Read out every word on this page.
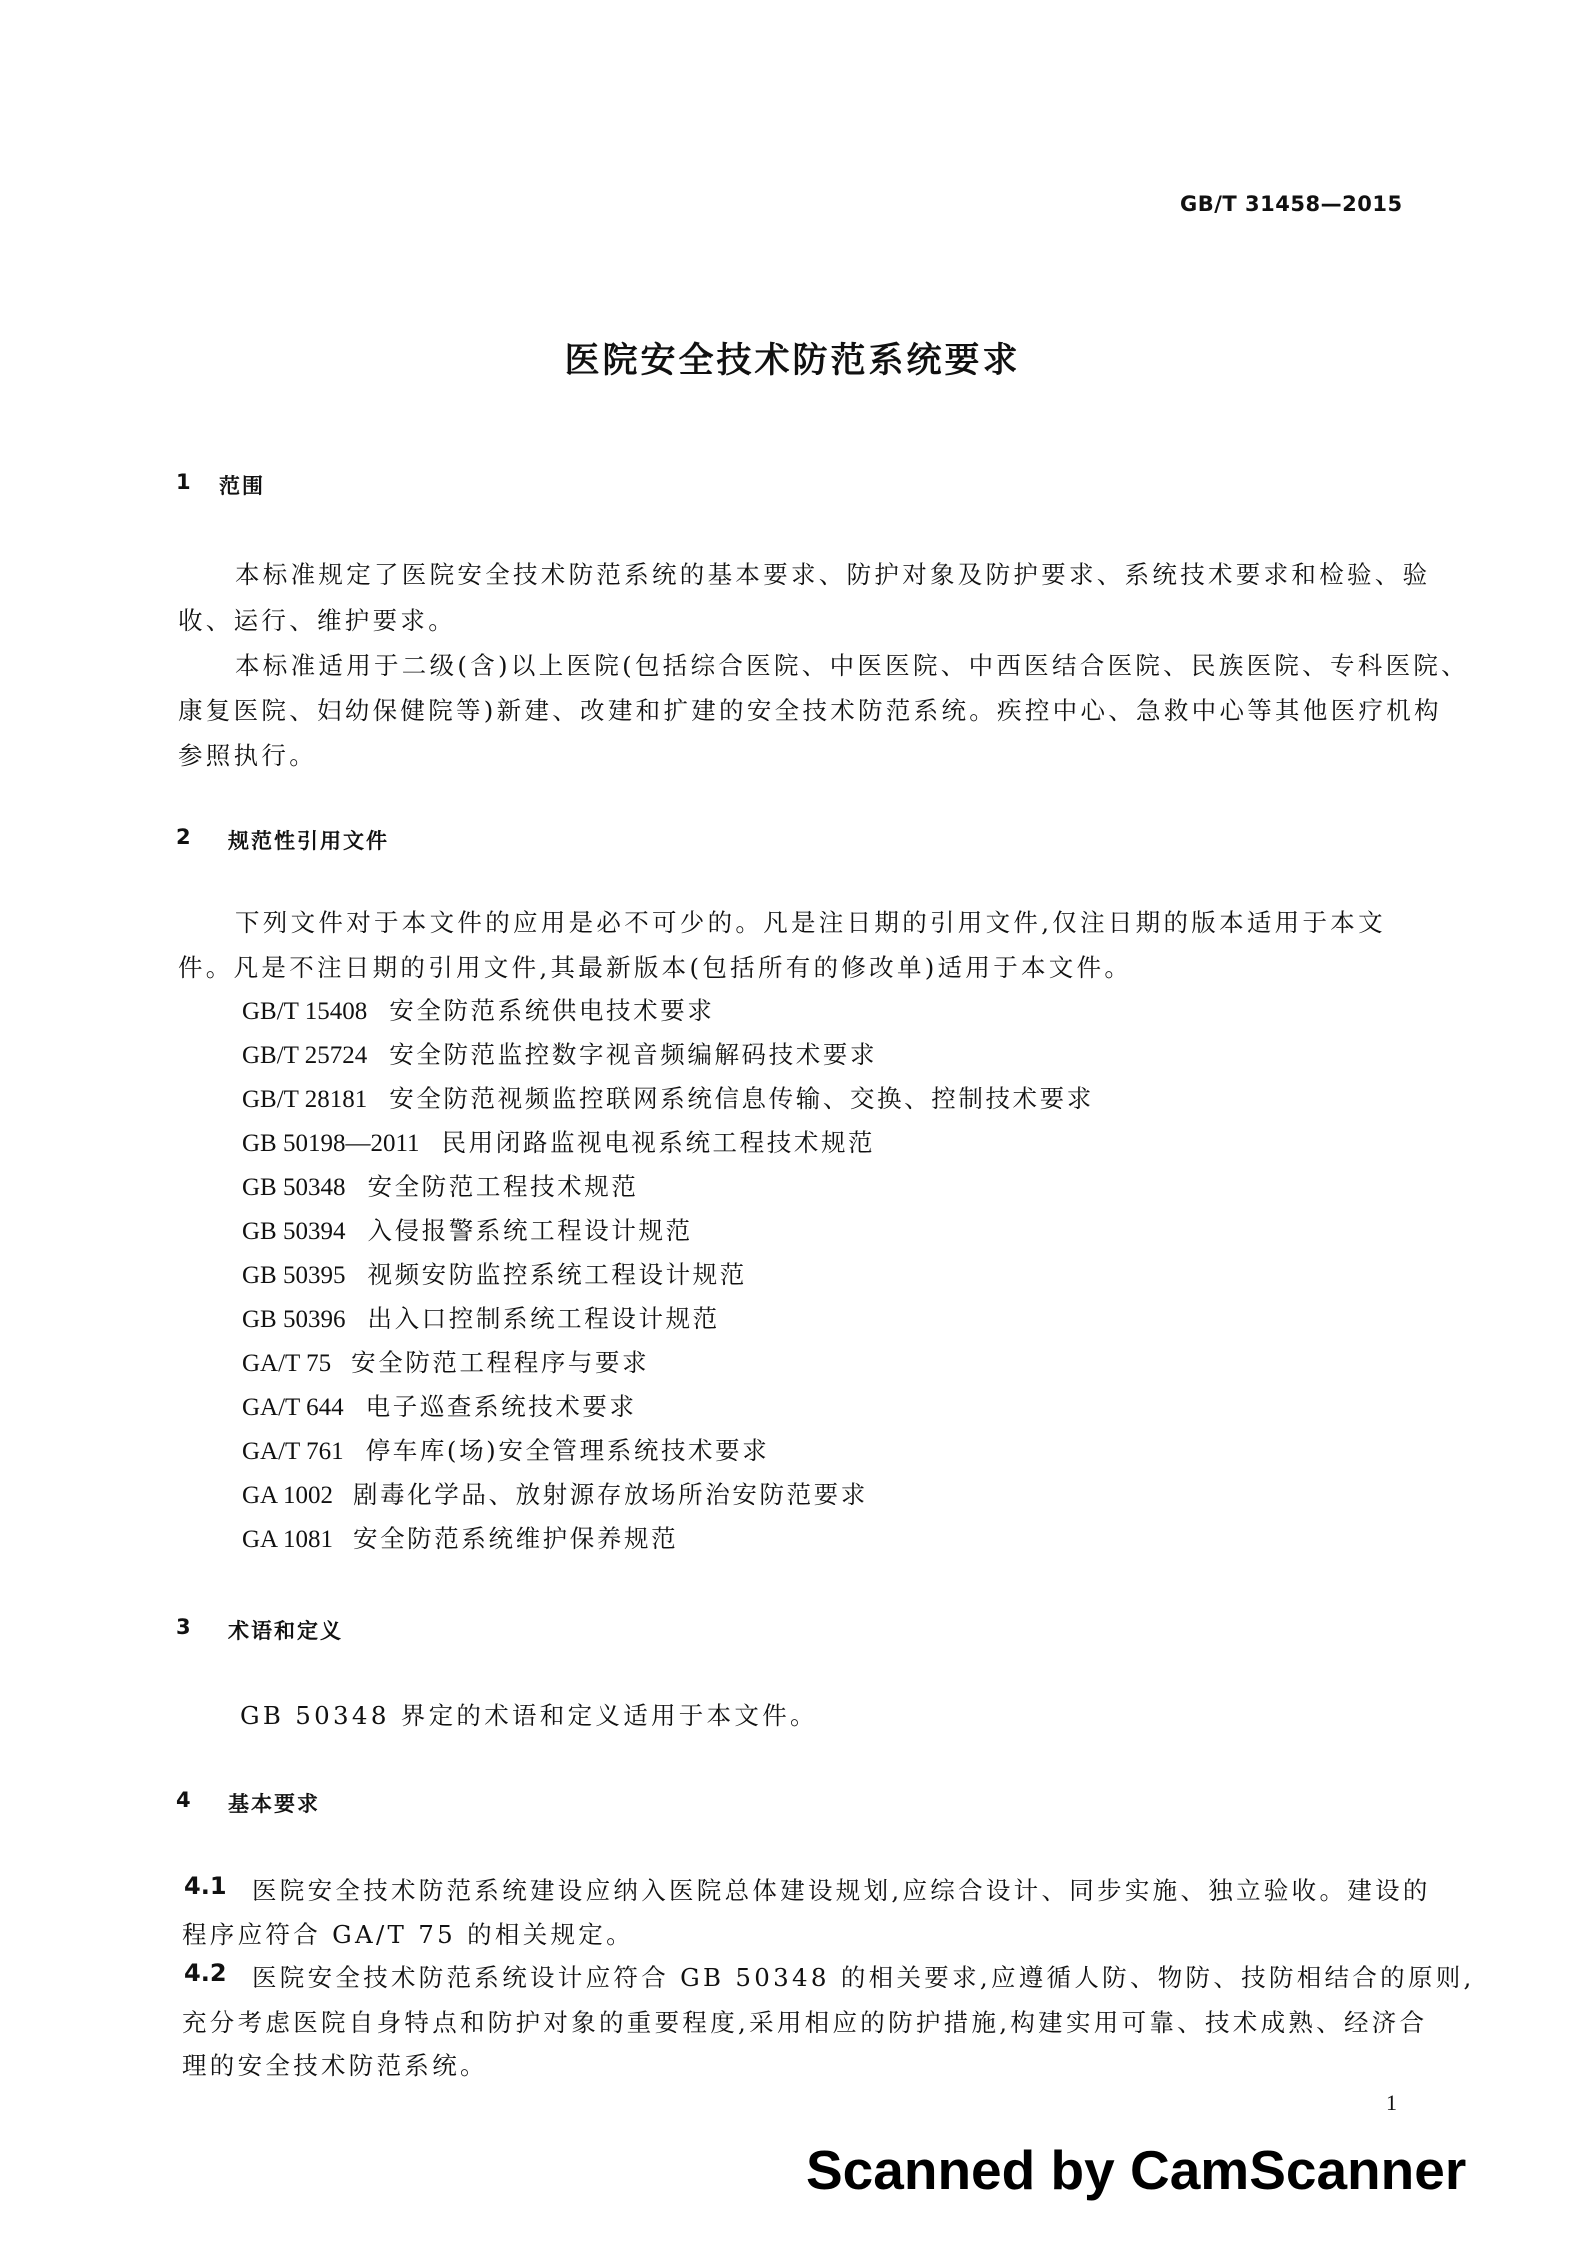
GB/T 31458—2015
医院安全技术防范系统要求
1 范围
本标准规定了医院安全技术防范系统的基本要求、防护对象及防护要求、系统技术要求和检验、验
收、运行、维护要求。
本标准适用于二级(含)以上医院(包括综合医院、中医医院、中西医结合医院、民族医院、专科医院、
康复医院、妇幼保健院等)新建、改建和扩建的安全技术防范系统。疾控中心、急救中心等其他医疗机构
参照执行。
2 规范性引用文件
下列文件对于本文件的应用是必不可少的。凡是注日期的引用文件,仅注日期的版本适用于本文
件。凡是不注日期的引用文件,其最新版本(包括所有的修改单)适用于本文件。
GB/T 15408 安全防范系统供电技术要求
GB/T 25724 安全防范监控数字视音频编解码技术要求
GB/T 28181 安全防范视频监控联网系统信息传输、交换、控制技术要求
GB 50198—2011 民用闭路监视电视系统工程技术规范
GB 50348 安全防范工程技术规范
GB 50394 入侵报警系统工程设计规范
GB 50395 视频安防监控系统工程设计规范
GB 50396 出入口控制系统工程设计规范
GA/T 75 安全防范工程程序与要求
GA/T 644 电子巡查系统技术要求
GA/T 761 停车库(场)安全管理系统技术要求
GA 1002 剧毒化学品、放射源存放场所治安防范要求
GA 1081 安全防范系统维护保养规范
3 术语和定义
GB 50348 界定的术语和定义适用于本文件。
4 基本要求
4.1 医院安全技术防范系统建设应纳入医院总体建设规划,应综合设计、同步实施、独立验收。建设的
程序应符合 GA/T 75 的相关规定。
4.2 医院安全技术防范系统设计应符合 GB 50348 的相关要求,应遵循人防、物防、技防相结合的原则,
充分考虑医院自身特点和防护对象的重要程度,采用相应的防护措施,构建实用可靠、技术成熟、经济合
理的安全技术防范系统。
1
Scanned by CamScanner
